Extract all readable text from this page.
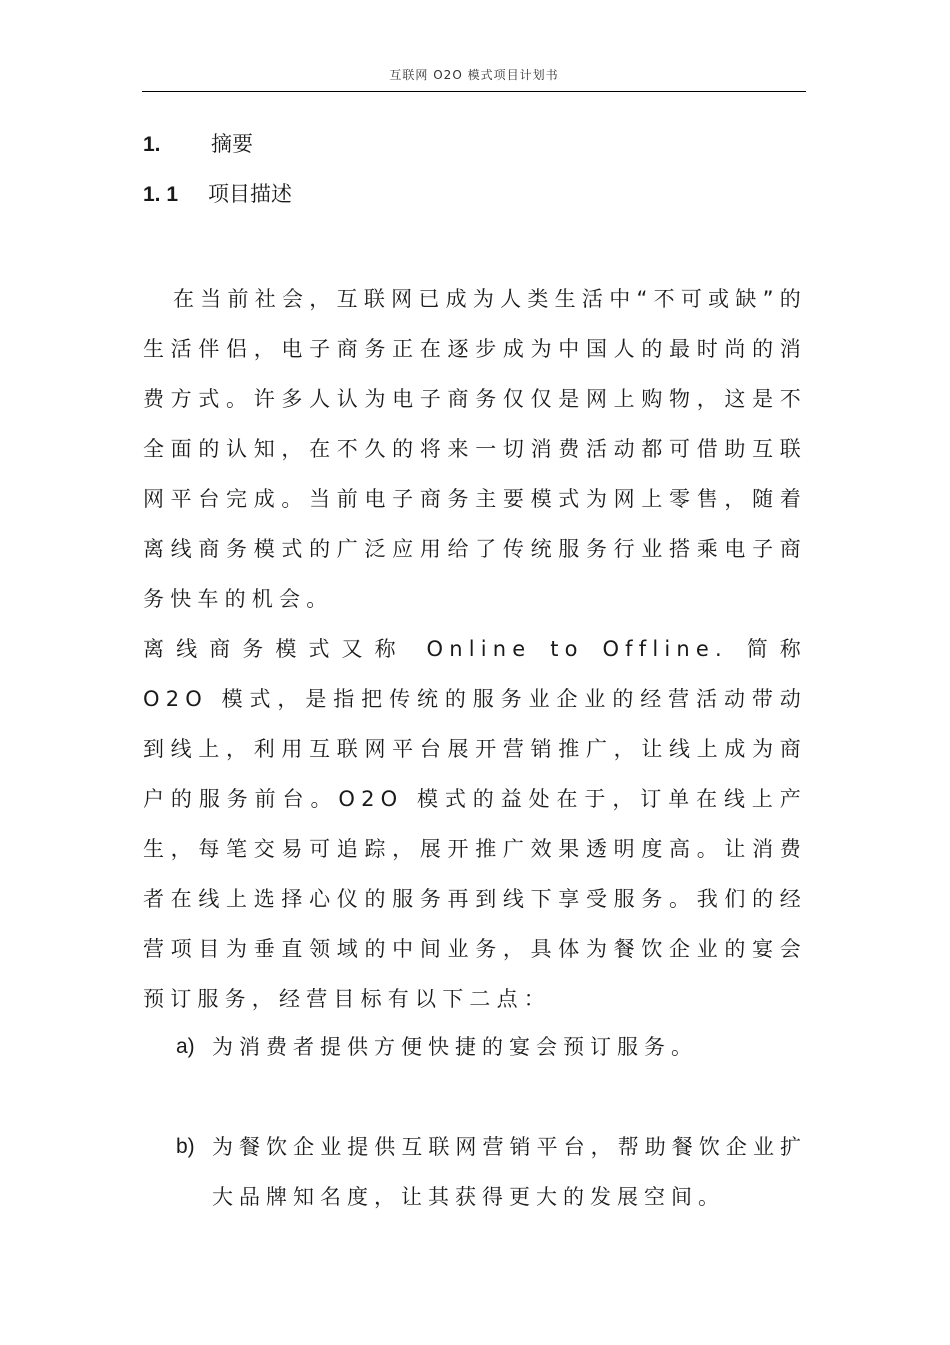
互联网 O2O 模式项目计划书
1. 摘要
1. 1 项目描述

在当前社会，互联网已成为人类生活中“不可或缺”的生活伴侣，电子商务正在逐步成为中国人的最时尚的消费方式。许多人认为电子商务仅仅是网上购物，这是不全面的认知，在不久的将来一切消费活动都可借助互联网平台完成。当前电子商务主要模式为网上零售，随着离线商务模式的广泛应用给了传统服务行业搭乘电子商务快车的机会。

离线商务模式又称 Online to Offline. 简称 O2O 模式，是指把传统的服务业企业的经营活动带动到线上，利用互联网平台展开营销推广，让线上成为商户的服务前台。O2O 模式的益处在于，订单在线上产生，每笔交易可追踪，展开推广效果透明度高。让消费者在线上选择心仪的服务再到线下享受服务。我们的经营项目为垂直领域的中间业务，具体为餐饮企业的宴会预订服务，经营目标有以下二点：

a) 为消费者提供方便快捷的宴会预订服务。
b) 为餐饮企业提供互联网营销平台，帮助餐饮企业扩大品牌知名度，让其获得更大的发展空间。
